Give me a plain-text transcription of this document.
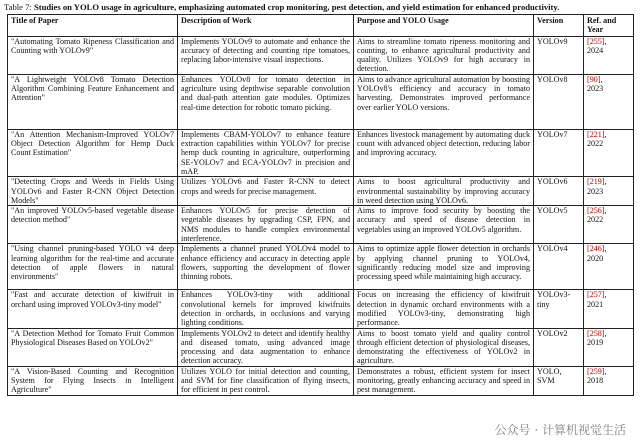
Table 7: Studies on YOLO usage in agriculture, emphasizing automated crop monitoring, pest detection, and yield estimation for enhanced productivity.
Title of Paper	Description of Work	Purpose and YOLO Usage	Version	Ref. and Year
"Automating Tomato Ripeness Classification and Counting with YOLOv9"	Implements YOLOv9 to automate and enhance the accuracy of detecting and counting ripe tomatoes, replacing labor-intensive visual inspections.	Aims to streamline tomato ripeness monitoring and counting, to enhance agricultural productivity and quality. Utilizes YOLOv9 for high accuracy in detection.	YOLOv9	[255],
2024
"A Lightweight YOLOv8 Tomato Detection Algorithm Combining Feature Enhancement and Attention"	Enhances YOLOv8 for tomato detection in agriculture using depthwise separable convolution and dual-path attention gate modules. Optimizes real-time detection for robotic tomato picking.	Aims to advance agricultural automation by boosting YOLOv8's efficiency and accuracy in tomato harvesting. Demonstrates improved performance over earlier YOLO versions.	YOLOv8	[90],
2023
"An Attention Mechanism-Improved YOLOv7 Object Detection Algorithm for Hemp Duck Count Estimation"	Implements CBAM-YOLOv7 to enhance feature extraction capabilities within YOLOv7 for precise hemp duck counting in agriculture, outperforming SE-YOLOv7 and ECA-YOLOv7 in precision and mAP.	Enhances livestock management by automating duck count with advanced object detection, reducing labor and improving accuracy.	YOLOv7	[221],
2022
"Detecting Crops and Weeds in Fields Using YOLOv6 and Faster R-CNN Object Detection Models"	Utilizes YOLOv6 and Faster R-CNN to detect crops and weeds for precise management.	Aims to boost agricultural productivity and environmental sustainability by improving accuracy in weed detection using YOLOv6.	YOLOv6	[219],
2023
"An improved YOLOv5-based vegetable disease detection method"	Enhances YOLOv5 for precise detection of vegetable diseases by upgrading CSP, FPN, and NMS modules to handle complex environmental interference.	Aims to improve food security by boosting the accuracy and speed of disease detection in vegetables using an improved YOLOv5 algorithm.	YOLOv5	[256],
2022
"Using channel pruning-based YOLO v4 deep learning algorithm for the real-time and accurate detection of apple flowers in natural environments"	Implements a channel pruned YOLOv4 model to enhance efficiency and accuracy in detecting apple flowers, supporting the development of flower thinning robots.	Aims to optimize apple flower detection in orchards by applying channel pruning to YOLOv4, significantly reducing model size and improving processing speed while maintaining high accuracy.	YOLOv4	[246],
2020
"Fast and accurate detection of kiwifruit in orchard using improved YOLOv3-tiny model"	Enhances YOLOv3-tiny with additional convolutional kernels for improved kiwifruits detection in orchards, in occlusions and varying lighting conditions.	Focus on increasing the efficiency of kiwifruit detection in dynamic orchard environments with a modified YOLOv3-tiny, demonstrating high performance.	YOLOv3-tiny	[257],
2021
"A Detection Method for Tomato Fruit Common Physiological Diseases Based on YOLOv2"	Implements YOLOv2 to detect and identify healthy and diseased tomato, using advanced image processing and data augmentation to enhance detection accuracy.	Aims to boost tomato yield and quality control through efficient detection of physiological diseases, demonstrating the effectiveness of YOLOv2 in agriculture.	YOLOv2	[258],
2019
"A Vision-Based Counting and Recognition System for Flying Insects in Intelligent Agriculture"	Utilizes YOLO for initial detection and counting, and SVM for fine classification of flying insects, for efficient in pest control.	Demonstrates a robust, efficient system for insect monitoring, greatly enhancing accuracy and speed in pest management.	YOLO, SVM	[259],
2018
公众号 · 计算机视觉生活
